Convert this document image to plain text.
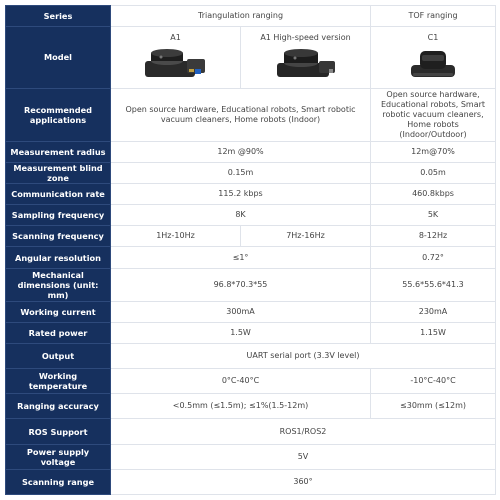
Series	Triangulation ranging		TOF ranging
Model	A1	A1 High-speed version	C1

Recommended applications	Open source hardware, Educational robots, Smart robotic vacuum cleaners, Home robots (Indoor)		Open source hardware, Educational robots, Smart robotic vacuum cleaners, Home robots (Indoor/Outdoor)
Measurement radius	12m @90%		12m@70%
Measurement blind zone	0.15m		0.05m
Communication rate	115.2 kbps		460.8kbps
Sampling frequency	8K		5K
Scanning frequency	1Hz-10Hz	7Hz-16Hz	8-12Hz
Angular resolution	≤1°		0.72°
Mechanical dimensions (unit: mm)	96.8*70.3*55		55.6*55.6*41.3
Working current	300mA		230mA
Rated power	1.5W		1.15W
Output	UART serial port (3.3V level)		
Working temperature	0°C-40°C		-10°C-40°C
Ranging accuracy	<0.5mm (≤1.5m); ≤1%(1.5-12m)		≤30mm (≤12m)
ROS Support	ROS1/ROS2		
Power supply voltage	5V		
Scanning range	360°		
